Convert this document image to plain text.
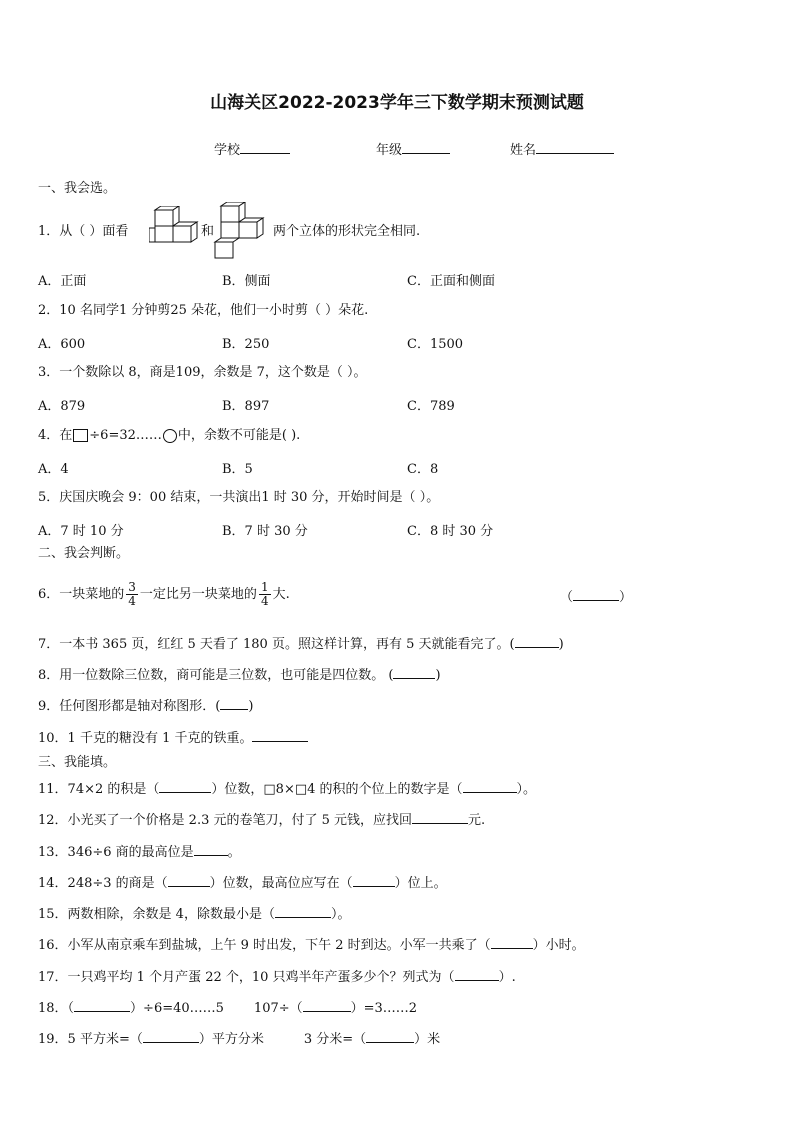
山海关区2022-2023学年三下数学期末预测试题
学校	年级	姓名
一、我会选。
1．从（ ）面看	和	两个立体的形状完全相同.
A．正面	B．侧面	C．正面和侧面
2．10 名同学1 分钟剪25 朵花，他们一小时剪（ ）朵花.
A．600	B．250	C．1500
3．一个数除以 8，商是109，余数是 7，这个数是（ ）。
A．879	B．897	C．789
4．在 ÷6=32…… 中，余数不可能是( ).
A．4	B．5	C．8
5．庆国庆晚会 9：00 结束，一共演出1 时 30 分，开始时间是（ ）。
A．7 时 10 分	B．7 时 30 分	C．8 时 30 分
二、我会判断。
6．一块菜地的 $\frac{3}{4}$ 一定比另一块菜地的 $\frac{1}{4}$ 大.	（	）
7．一本书 365 页，红红 5 天看了 180 页。照这样计算，再有 5 天就能看完了。(	)
8．用一位数除三位数，商可能是三位数，也可能是四位数。 (	)
9．任何图形都是轴对称图形．( )
10．1 千克的糖没有 1 千克的铁重。
三、我能填。
11．74×2 的积是（	）位数，□8×□4 的积的个位上的数字是（	）。
12．小光买了一个价格是 2.3 元的卷笔刀，付了 5 元钱，应找回	元.
13．346÷6 商的最高位是	。
14．248÷3 的商是（	）位数，最高位应写在（	）位上。
15．两数相除，余数是 4，除数最小是（	）。
16．小军从南京乘车到盐城，上午 9 时出发，下午 2 时到达。小军一共乘了（	）小时。
17．一只鸡平均 1 个月产蛋 22 个，10 只鸡半年产蛋多少个？列式为（	）.
18．（	）÷6=40……5 107÷（	）=3……2
19．5 平方米=（	）平方分米	3 分米=（	）米
